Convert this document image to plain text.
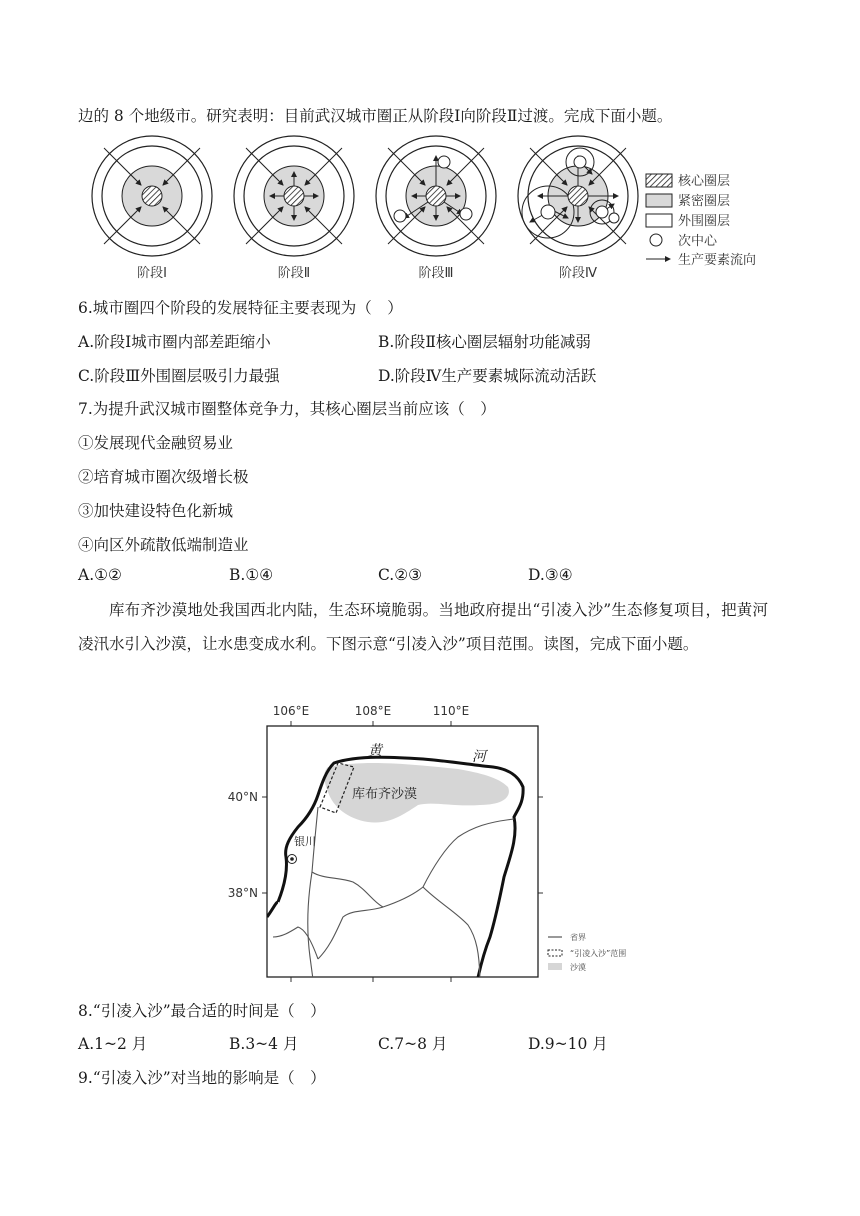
边的 8 个地级市。研究表明：目前武汉城市圈正从阶段Ⅰ向阶段Ⅱ过渡。完成下面小题。
阶段Ⅰ	阶段Ⅱ	阶段Ⅲ	阶段Ⅳ
核心圈层
紧密圈层
外围圈层
次中心
生产要素流向
6.城市圈四个阶段的发展特征主要表现为（　）
A.阶段Ⅰ城市圈内部差距缩小	B.阶段Ⅱ核心圈层辐射功能减弱
C.阶段Ⅲ外围圈层吸引力最强	D.阶段Ⅳ生产要素城际流动活跃
7.为提升武汉城市圈整体竞争力，其核心圈层当前应该（　）
①发展现代金融贸易业
②培育城市圈次级增长极
③加快建设特色化新城
④向区外疏散低端制造业
A.①②	B.①④	C.②③	D.③④
库布齐沙漠地处我国西北内陆，生态环境脆弱。当地政府提出“引凌入沙”生态修复项目，把黄河凌汛水引入沙漠，让水患变成水利。下图示意“引凌入沙”项目范围。读图，完成下面小题。
106°E	108°E	110°E
40°N
38°N
黄	河
库布齐沙漠
银川
省界
“引凌入沙”范围
沙漠
8.“引凌入沙”最合适的时间是（　）
A.1~2 月	B.3~4 月	C.7~8 月	D.9~10 月
9.“引凌入沙”对当地的影响是（　）
